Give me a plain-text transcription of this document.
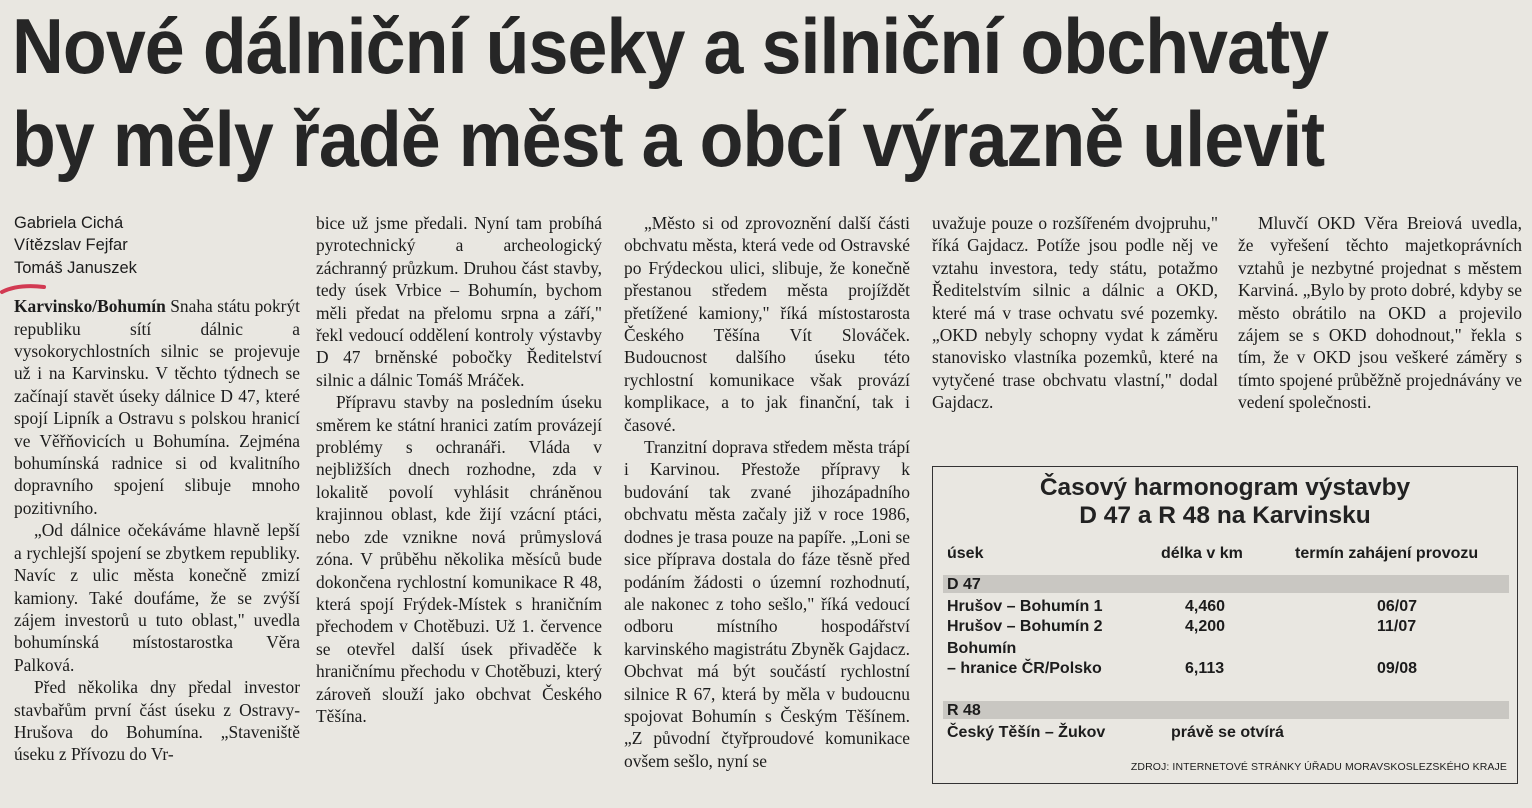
Nové dálniční úseky a silniční obchvaty
by měly řadě měst a obcí výrazně ulevit
Gabriela Cichá
Vítězslav Fejfar
Tomáš Januszek

Karvinsko/Bohumín Snaha státu pokrýt republiku sítí dálnic a vysokorychlostních silnic se projevuje už i na Karvinsku. V těchto týdnech se začínají stavět úseky dálnice D 47, které spojí Lipník a Ostravu s polskou hranicí ve Věřňovicích u Bohumína. Zejména bohumínská radnice si od kvalitního dopravního spojení slibuje mnoho pozitivního.

„Od dálnice očekáváme hlavně lepší a rychlejší spojení se zbytkem republiky. Navíc z ulic města konečně zmizí kamiony. Také doufáme, že se zvýší zájem investorů u tuto oblast," uvedla bohumínská místostarostka Věra Palková.

Před několika dny předal investor stavbařům první část úseku z Ostravy-Hrušova do Bohumína. „Staveniště úseku z Přívozu do Vr-

bice už jsme předali. Nyní tam probíhá pyrotechnický a archeologický záchranný průzkum. Druhou část stavby, tedy úsek Vrbice – Bohumín, bychom měli předat na přelomu srpna a září," řekl vedoucí oddělení kontroly výstavby D 47 brněnské pobočky Ředitelství silnic a dálnic Tomáš Mráček.

Přípravu stavby na posledním úseku směrem ke státní hranici zatím provázejí problémy s ochranáři. Vláda v nejbližších dnech rozhodne, zda v lokalitě povolí vyhlásit chráněnou krajinnou oblast, kde žijí vzácní ptáci, nebo zde vznikne nová průmyslová zóna. V průběhu několika měsíců bude dokončena rychlostní komunikace R 48, která spojí Frýdek-Místek s hraničním přechodem v Chotěbuzi. Už 1. července se otevřel další úsek přivaděče k hraničnímu přechodu v Chotěbuzi, který zároveň slouží jako obchvat Českého Těšína.

„Město si od zprovoznění další části obchvatu města, která vede od Ostravské po Frýdeckou ulici, slibuje, že konečně přestanou středem města projíždět přetížené kamiony," říká místostarosta Českého Těšína Vít Slováček. Budoucnost dalšího úseku této rychlostní komunikace však provází komplikace, a to jak finanční, tak i časové.

Tranzitní doprava středem města trápí i Karvinou. Přestože přípravy k budování tak zvané jihozápadního obchvatu města začaly již v roce 1986, dodnes je trasa pouze na papíře. „Loni se sice příprava dostala do fáze těsně před podáním žádosti o územní rozhodnutí, ale nakonec z toho sešlo," říká vedoucí odboru místního hospodářství karvinského magistrátu Zbyněk Gajdacz. Obchvat má být součástí rychlostní silnice R 67, která by měla v budoucnu spojovat Bohumín s Českým Těšínem. „Z původní čtyřproudové komunikace ovšem sešlo, nyní se

uvažuje pouze o rozšířeném dvojpruhu," říká Gajdacz. Potíže jsou podle něj ve vztahu investora, tedy státu, potažmo Ředitelstvím silnic a dálnic a OKD, které má v trase ochvatu své pozemky. „OKD nebyly schopny vydat k záměru stanovisko vlastníka pozemků, které na vytyčené trase obchvatu vlastní," dodal Gajdacz.

Mluvčí OKD Věra Breiová uvedla, že vyřešení těchto majetkoprávních vztahů je nezbytné projednat s městem Karviná. „Bylo by proto dobré, kdyby se město obrátilo na OKD a projevilo zájem se s OKD dohodnout," řekla s tím, že v OKD jsou veškeré záměry s tímto spojené průběžně projednávány ve vedení společnosti.

Časový harmonogram výstavby
D 47 a R 48 na Karvinsku
úsek	délka v km	termín zahájení provozu
D 47
Hrušov – Bohumín 1	4,460	06/07
Hrušov – Bohumín 2	4,200	11/07
Bohumín
– hranice ČR/Polsko	6,113	09/08
R 48
Český Těšín – Žukov	právě se otvírá
ZDROJ: INTERNETOVÉ STRÁNKY ÚŘADU MORAVSKOSLEZSKÉHO KRAJE
